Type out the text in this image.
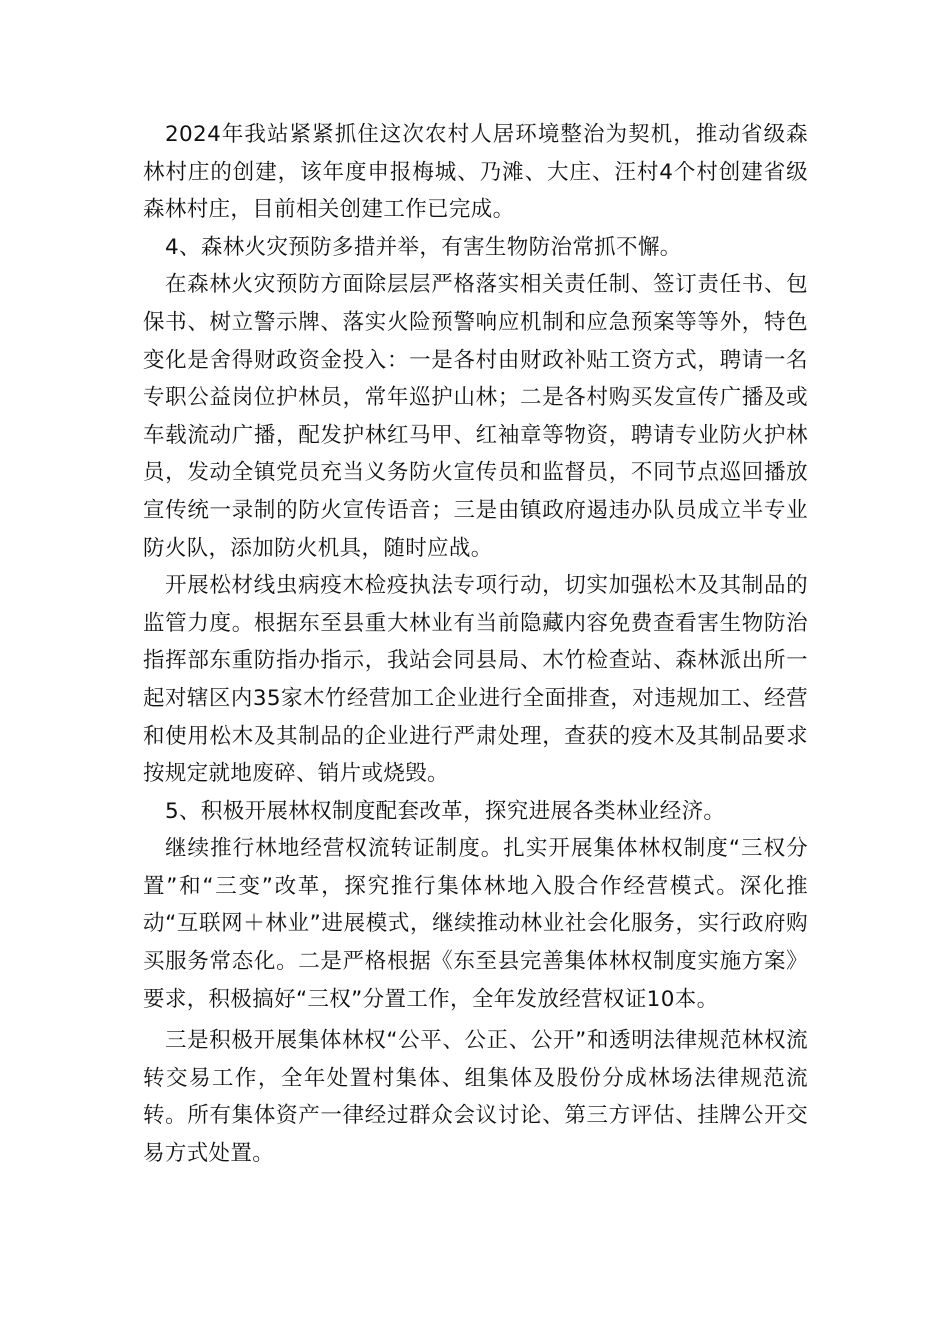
2024年我站紧紧抓住这次农村人居环境整治为契机，推动省级森林村庄的创建，该年度申报梅城、乃滩、大庄、汪村4个村创建省级森林村庄，目前相关创建工作已完成。

4、森林火灾预防多措并举，有害生物防治常抓不懈。

在森林火灾预防方面除层层严格落实相关责任制、签订责任书、包保书、树立警示牌、落实火险预警响应机制和应急预案等等外，特色变化是舍得财政资金投入：一是各村由财政补贴工资方式，聘请一名专职公益岗位护林员，常年巡护山林；二是各村购买发宣传广播及或车载流动广播，配发护林红马甲、红袖章等物资，聘请专业防火护林员，发动全镇党员充当义务防火宣传员和监督员，不同节点巡回播放宣传统一录制的防火宣传语音；三是由镇政府遏违办队员成立半专业防火队，添加防火机具，随时应战。

开展松材线虫病疫木检疫执法专项行动，切实加强松木及其制品的监管力度。根据东至县重大林业有当前隐藏内容免费查看害生物防治指挥部东重防指办指示，我站会同县局、木竹检查站、森林派出所一起对辖区内35家木竹经营加工企业进行全面排查，对违规加工、经营和使用松木及其制品的企业进行严肃处理，查获的疫木及其制品要求按规定就地废碎、销片或烧毁。

5、积极开展林权制度配套改革，探究进展各类林业经济。

继续推行林地经营权流转证制度。扎实开展集体林权制度“三权分置”和“三变”改革，探究推行集体林地入股合作经营模式。深化推动“互联网＋林业”进展模式，继续推动林业社会化服务，实行政府购买服务常态化。二是严格根据《东至县完善集体林权制度实施方案》要求，积极搞好“三权”分置工作，全年发放经营权证10本。

三是积极开展集体林权“公平、公正、公开”和透明法律规范林权流转交易工作，全年处置村集体、组集体及股份分成林场法律规范流转。所有集体资产一律经过群众会议讨论、第三方评估、挂牌公开交易方式处置。
